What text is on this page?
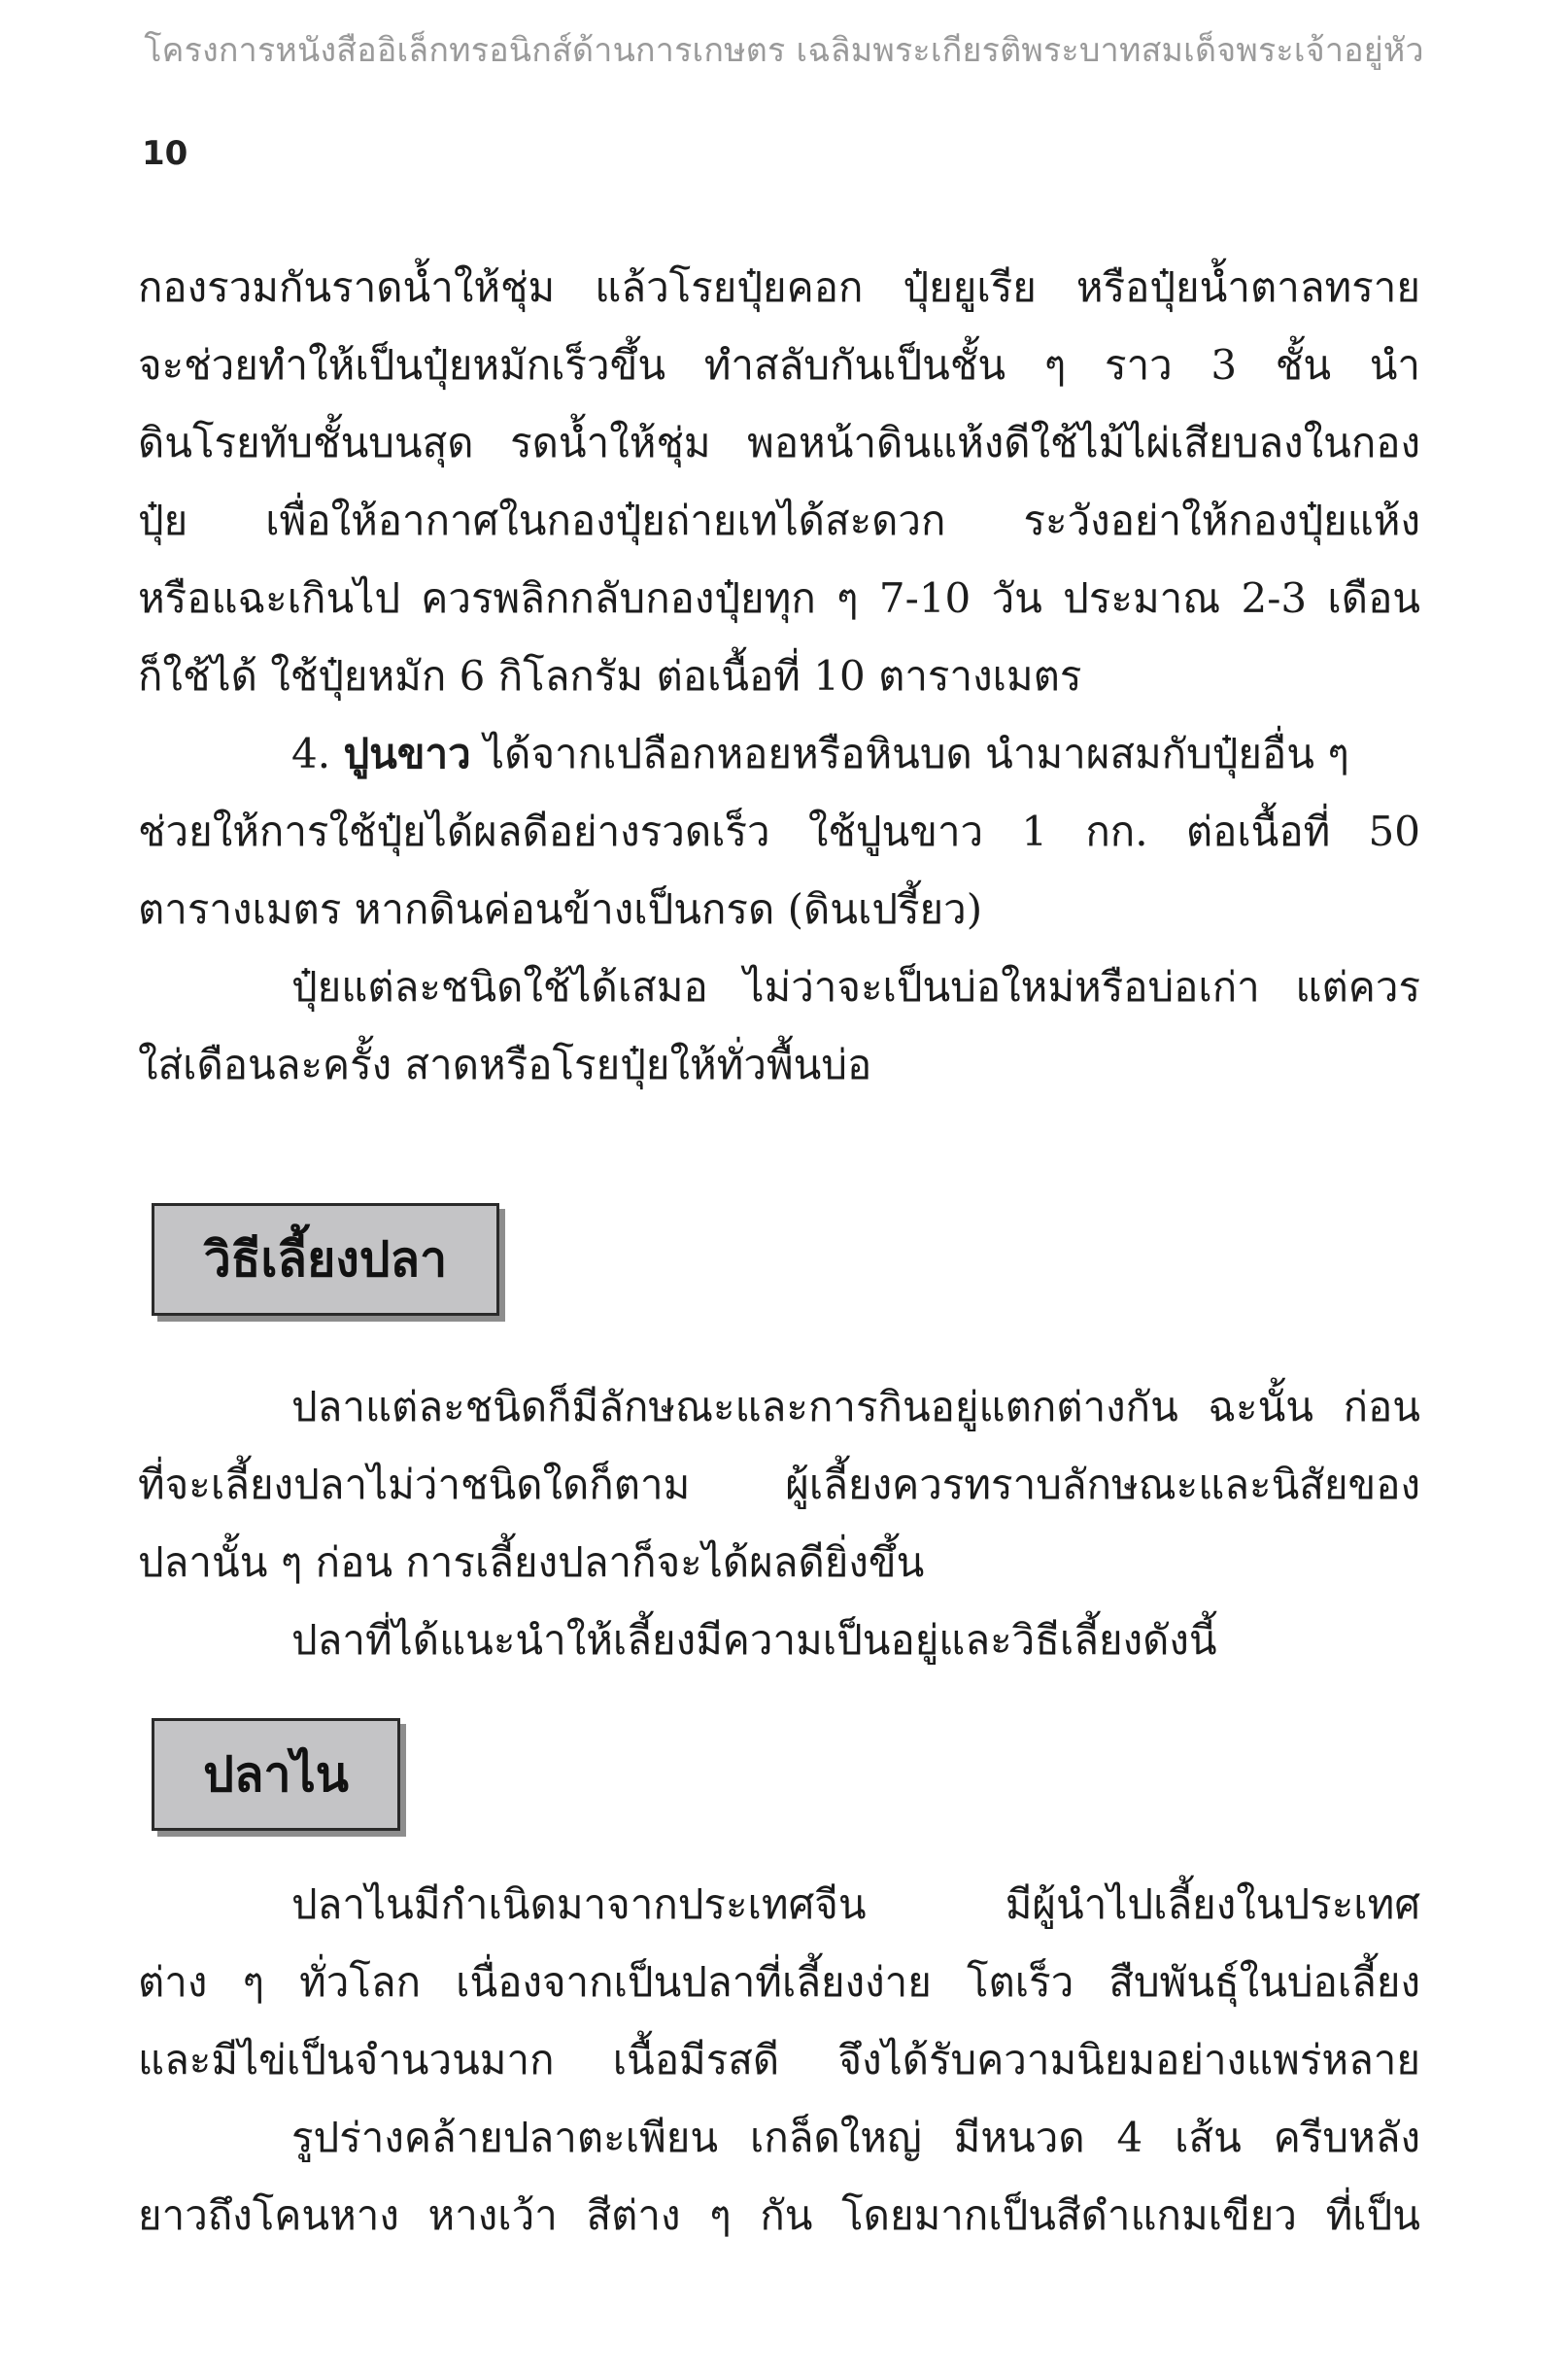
โครงการหนังสืออิเล็กทรอนิกส์ด้านการเกษตร เฉลิมพระเกียรติพระบาทสมเด็จพระเจ้าอยู่หัว
10
กองรวมกันราดน้ำให้ชุ่ม แล้วโรยปุ๋ยคอก ปุ๋ยยูเรีย หรือปุ๋ยน้ำตาลทราย
จะช่วยทำให้เป็นปุ๋ยหมักเร็วขึ้น ทำสลับกันเป็นชั้น ๆ ราว 3 ชั้น นำ
ดินโรยทับชั้นบนสุด รดน้ำให้ชุ่ม พอหน้าดินแห้งดีใช้ไม้ไผ่เสียบลงในกอง
ปุ๋ย เพื่อให้อากาศในกองปุ๋ยถ่ายเทได้สะดวก ระวังอย่าให้กองปุ๋ยแห้ง
หรือแฉะเกินไป ควรพลิกกลับกองปุ๋ยทุก ๆ 7-10 วัน ประมาณ 2-3 เดือน
ก็ใช้ได้ ใช้ปุ๋ยหมัก 6 กิโลกรัม ต่อเนื้อที่ 10 ตารางเมตร
4. ปูนขาว ได้จากเปลือกหอยหรือหินบด นำมาผสมกับปุ๋ยอื่น ๆ
ช่วยให้การใช้ปุ๋ยได้ผลดีอย่างรวดเร็ว ใช้ปูนขาว 1 กก. ต่อเนื้อที่ 50
ตารางเมตร หากดินค่อนข้างเป็นกรด (ดินเปรี้ยว)
ปุ๋ยแต่ละชนิดใช้ได้เสมอ ไม่ว่าจะเป็นบ่อใหม่หรือบ่อเก่า แต่ควร
ใส่เดือนละครั้ง สาดหรือโรยปุ๋ยให้ทั่วพื้นบ่อ
วิธีเลี้ยงปลา
ปลาแต่ละชนิดก็มีลักษณะและการกินอยู่แตกต่างกัน ฉะนั้น ก่อน
ที่จะเลี้ยงปลาไม่ว่าชนิดใดก็ตาม ผู้เลี้ยงควรทราบลักษณะและนิสัยของ
ปลานั้น ๆ ก่อน การเลี้ยงปลาก็จะได้ผลดียิ่งขึ้น
ปลาที่ได้แนะนำให้เลี้ยงมีความเป็นอยู่และวิธีเลี้ยงดังนี้
ปลาไน
ปลาไนมีกำเนิดมาจากประเทศจีน มีผู้นำไปเลี้ยงในประเทศ
ต่าง ๆ ทั่วโลก เนื่องจากเป็นปลาที่เลี้ยงง่าย โตเร็ว สืบพันธุ์ในบ่อเลี้ยง
และมีไข่เป็นจำนวนมาก เนื้อมีรสดี จึงได้รับความนิยมอย่างแพร่หลาย
รูปร่างคล้ายปลาตะเพียน เกล็ดใหญ่ มีหนวด 4 เส้น ครีบหลัง
ยาวถึงโคนหาง หางเว้า สีต่าง ๆ กัน โดยมากเป็นสีดำแกมเขียว ที่เป็น
